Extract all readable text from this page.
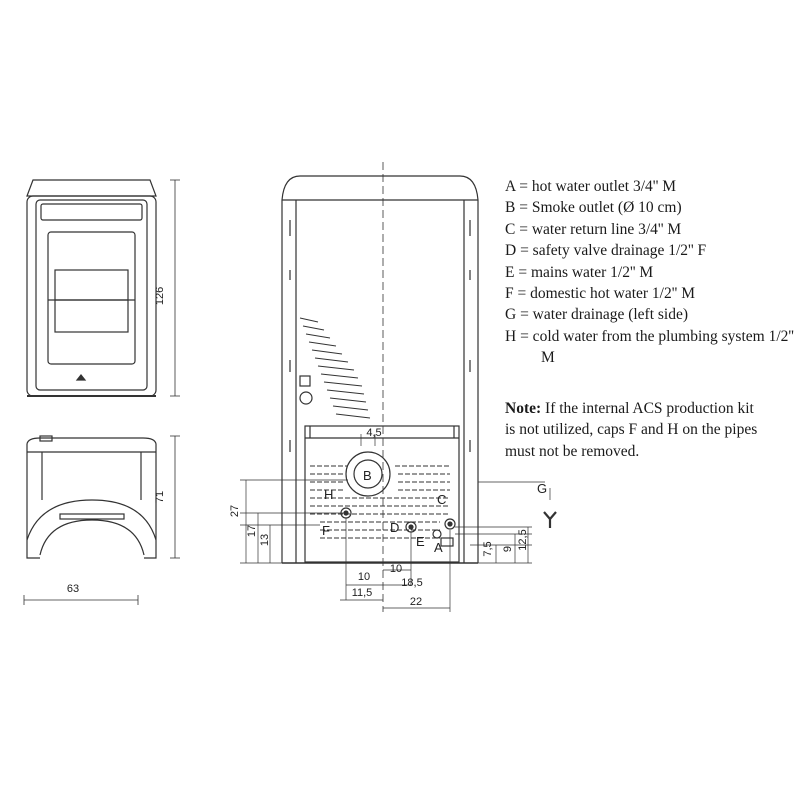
126
71
63
27
17
13
4,5
7,5 9 12,5
10
10
18,5
11,5
22
A
B
C
D
E
F
G
H
A = hot water outlet 3/4'' M
B = Smoke outlet (Ø 10 cm)
C = water return line 3/4'' M
D = safety valve drainage 1/2'' F
E = mains water 1/2'' M
F = domestic hot water 1/2'' M
G = water drainage (left side)
H = cold water from the plumbing system 1/2'' M
Note: If the internal ACS production kit is not utilized, caps F and H on the pipes must not be removed.
